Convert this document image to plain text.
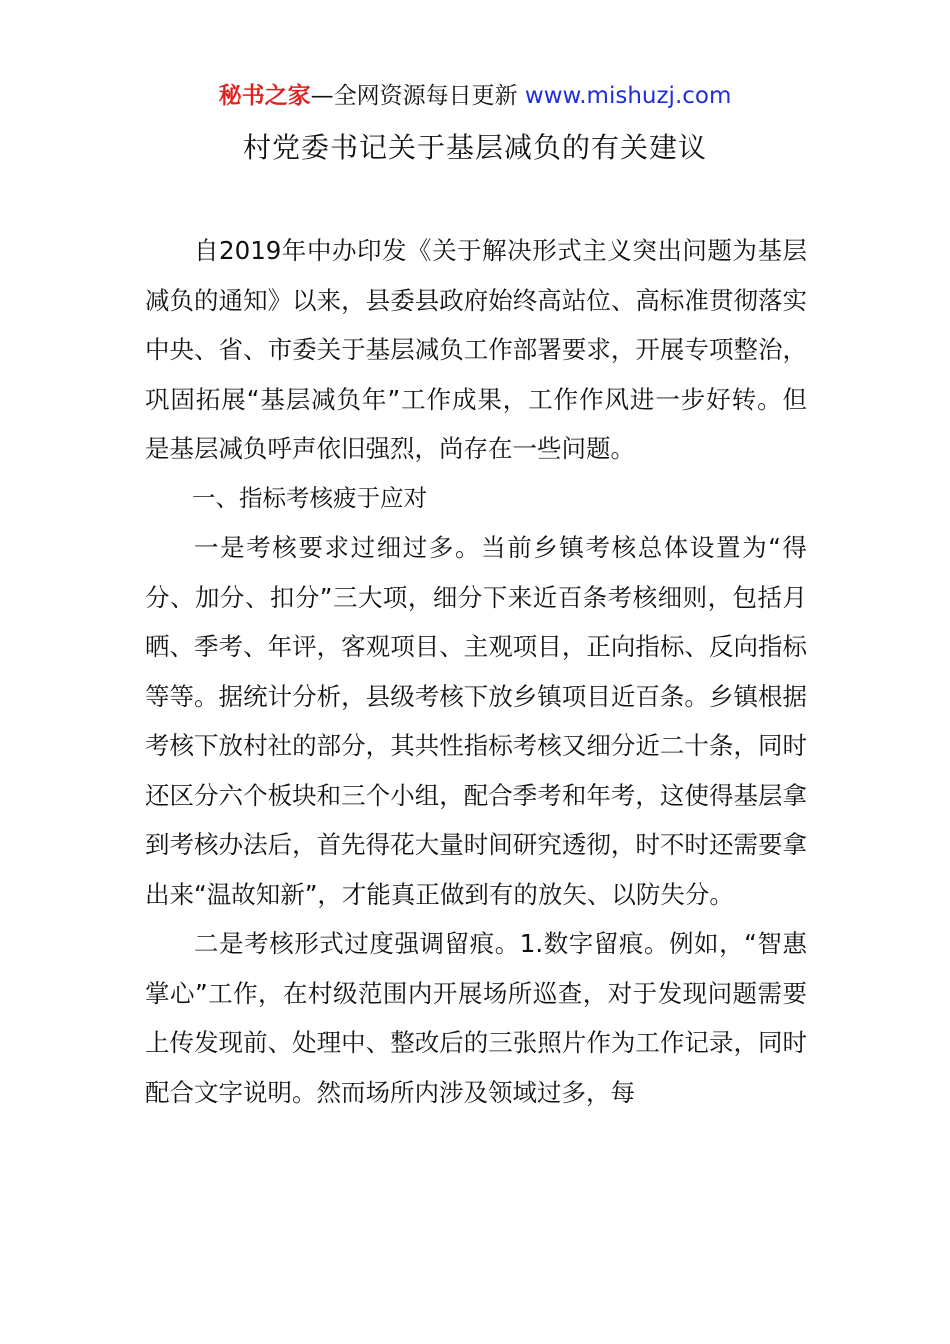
秘书之家—全网资源每日更新 www.mishuzj.com
村党委书记关于基层减负的有关建议

自2019年中办印发《关于解决形式主义突出问题为基层减负的通知》以来，县委县政府始终高站位、高标准贯彻落实中央、省、市委关于基层减负工作部署要求，开展专项整治，巩固拓展“基层减负年”工作成果，工作作风进一步好转。但是基层减负呼声依旧强烈，尚存在一些问题。

一、指标考核疲于应对

一是考核要求过细过多。当前乡镇考核总体设置为“得分、加分、扣分”三大项，细分下来近百条考核细则，包括月晒、季考、年评，客观项目、主观项目，正向指标、反向指标等等。据统计分析，县级考核下放乡镇项目近百条。乡镇根据考核下放村社的部分，其共性指标考核又细分近二十条，同时还区分六个板块和三个小组，配合季考和年考，这使得基层拿到考核办法后，首先得花大量时间研究透彻，时不时还需要拿出来“温故知新”，才能真正做到有的放矢、以防失分。

二是考核形式过度强调留痕。1.数字留痕。例如，“智惠掌心”工作，在村级范围内开展场所巡查，对于发现问题需要上传发现前、处理中、整改后的三张照片作为工作记录，同时配合文字说明。然而场所内涉及领域过多，每
